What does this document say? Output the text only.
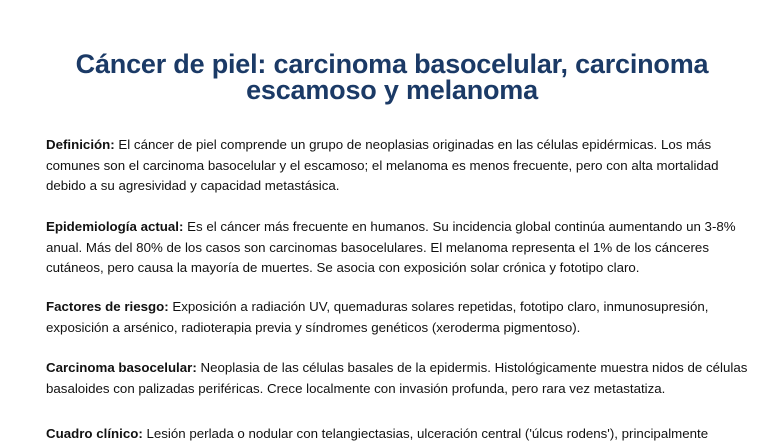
Cáncer de piel: carcinoma basocelular, carcinoma
escamoso y melanoma
Definición: El cáncer de piel comprende un grupo de neoplasias originadas en las células epidérmicas. Los más comunes son el carcinoma basocelular y el escamoso; el melanoma es menos frecuente, pero con alta mortalidad debido a su agresividad y capacidad metastásica.
Epidemiología actual: Es el cáncer más frecuente en humanos. Su incidencia global continúa aumentando un 3-8% anual. Más del 80% de los casos son carcinomas basocelulares. El melanoma representa el 1% de los cánceres cutáneos, pero causa la mayoría de muertes. Se asocia con exposición solar crónica y fototipo claro.
Factores de riesgo: Exposición a radiación UV, quemaduras solares repetidas, fototipo claro, inmunosupresión, exposición a arsénico, radioterapia previa y síndromes genéticos (xeroderma pigmentoso).
Carcinoma basocelular: Neoplasia de las células basales de la epidermis. Histológicamente muestra nidos de células basaloides con palizadas periféricas. Crece localmente con invasión profunda, pero rara vez metastatiza.
Cuadro clínico: Lesión perlada o nodular con telangiectasias, ulceración central ('úlcus rodens'), principalmente
